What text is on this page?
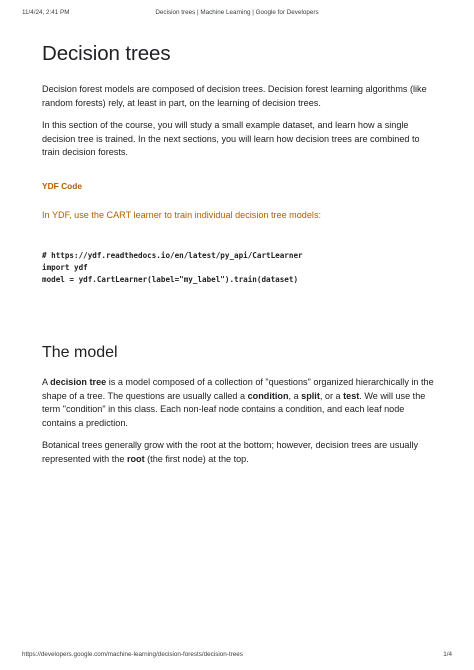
11/4/24, 2:41 PM	Decision trees | Machine Learning | Google for Developers
Decision trees

Decision forest models are composed of decision trees. Decision forest learning algorithms (like random forests) rely, at least in part, on the learning of decision trees.

In this section of the course, you will study a small example dataset, and learn how a single decision tree is trained. In the next sections, you will learn how decision trees are combined to train decision forests.

YDF Code
In YDF, use the CART learner to train individual decision tree models:
# https://ydf.readthedocs.io/en/latest/py_api/CartLearner
import ydf
model = ydf.CartLearner(label="my_label").train(dataset)
The model

A decision tree is a model composed of a collection of "questions" organized hierarchically in the shape of a tree. The questions are usually called a condition, a split, or a test. We will use the term "condition" in this class. Each non-leaf node contains a condition, and each leaf node contains a prediction.

Botanical trees generally grow with the root at the bottom; however, decision trees are usually represented with the root (the first node) at the top.

https://developers.google.com/machine-learning/decision-forests/decision-trees	1/4
